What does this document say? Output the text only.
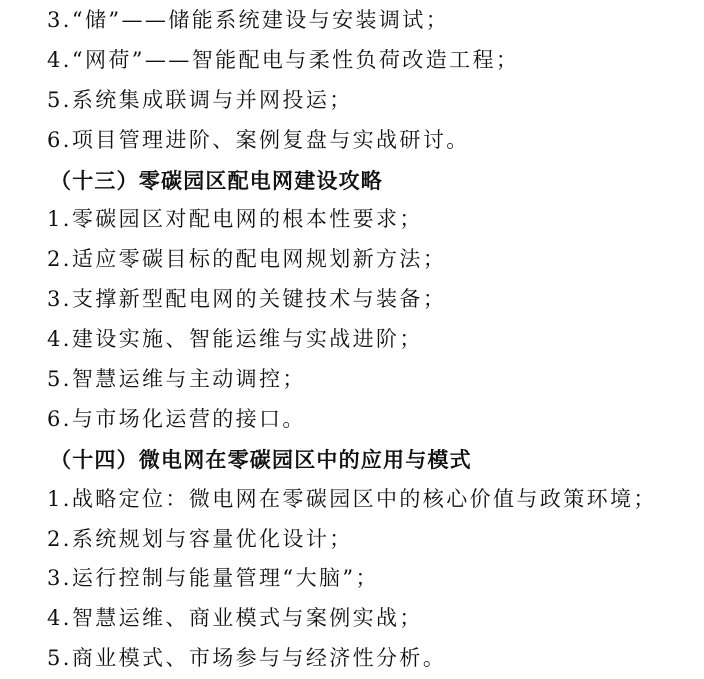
3.“储”——储能系统建设与安装调试；
4.“网荷”——智能配电与柔性负荷改造工程；
5.系统集成联调与并网投运；
6.项目管理进阶、案例复盘与实战研讨。
（十三）零碳园区配电网建设攻略
1.零碳园区对配电网的根本性要求；
2.适应零碳目标的配电网规划新方法；
3.支撑新型配电网的关键技术与装备；
4.建设实施、智能运维与实战进阶；
5.智慧运维与主动调控；
6.与市场化运营的接口。
（十四）微电网在零碳园区中的应用与模式
1.战略定位：微电网在零碳园区中的核心价值与政策环境；
2.系统规划与容量优化设计；
3.运行控制与能量管理“大脑”；
4.智慧运维、商业模式与案例实战；
5.商业模式、市场参与与经济性分析。
